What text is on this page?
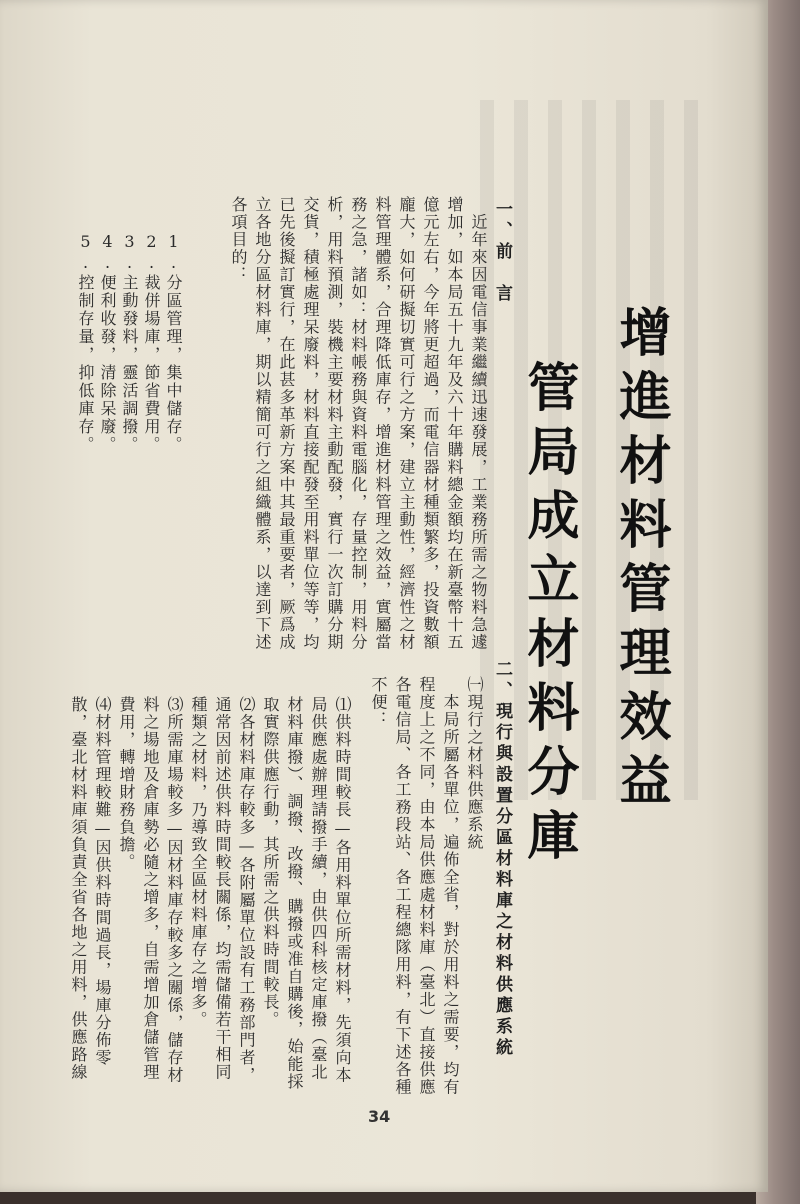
增進材料管理效益
管局成立材料分庫
一、前　言
　近年來因電信事業繼續迅速發展，工業務所需之物料急遽增加，如本局五十九年及六十年購料總金額均在新臺幣十五億元左右，今年將更超過，而電信器材種類繁多，投資數額龐大，如何研擬切實可行之方案，建立主動性，經濟性之材料管理體系，合理降低庫存，增進材料管理之效益，實屬當務之急，諸如：材料帳務與資料電腦化，存量控制，用料分析，用料預測，裝機主要材料主動配發，實行一次訂購分期交貨，積極處理呆廢料，材料直接配發至用料單位等等，均已先後擬訂實行，在此甚多革新方案中其最重要者，厥爲成立各地分區材料庫，期以精簡可行之組織體系，以達到下述各項目的：
1.分區管理，集中儲存。
2.裁併場庫，節省費用。
3.主動發料，靈活調撥。
4.便利收發，清除呆廢。
5.控制存量，抑低庫存。
二、現行與設置分區材料庫之材料供應系統
㈠現行之材料供應系統
　本局所屬各單位，遍佈全省，對於用料之需要，均有程度上之不同，由本局供應處材料庫（臺北）直接供應各電信局、各工務段站、各工程總隊用料，有下述各種不便：
⑴供料時間較長—各用料單位所需材料，先須向本局供應處辦理請撥手續，由供四科核定庫撥（臺北材料庫撥）、調撥、改撥、購撥或准自購後，始能採取實際供應行動，其所需之供料時間較長。
⑵各材料庫存較多—各附屬單位設有工務部門者，通常因前述供料時間較長關係，均需儲備若干相同種類之材料，乃導致全區材料庫存之增多。
⑶所需庫場較多—因材料庫存較多之關係，儲存材料之場地及倉庫勢必隨之增多，自需增加倉儲管理費用，轉增財務負擔。
⑷材料管理較難—因供料時間過長，場庫分佈零散，臺北材料庫須負責全省各地之用料，供應路線
34
